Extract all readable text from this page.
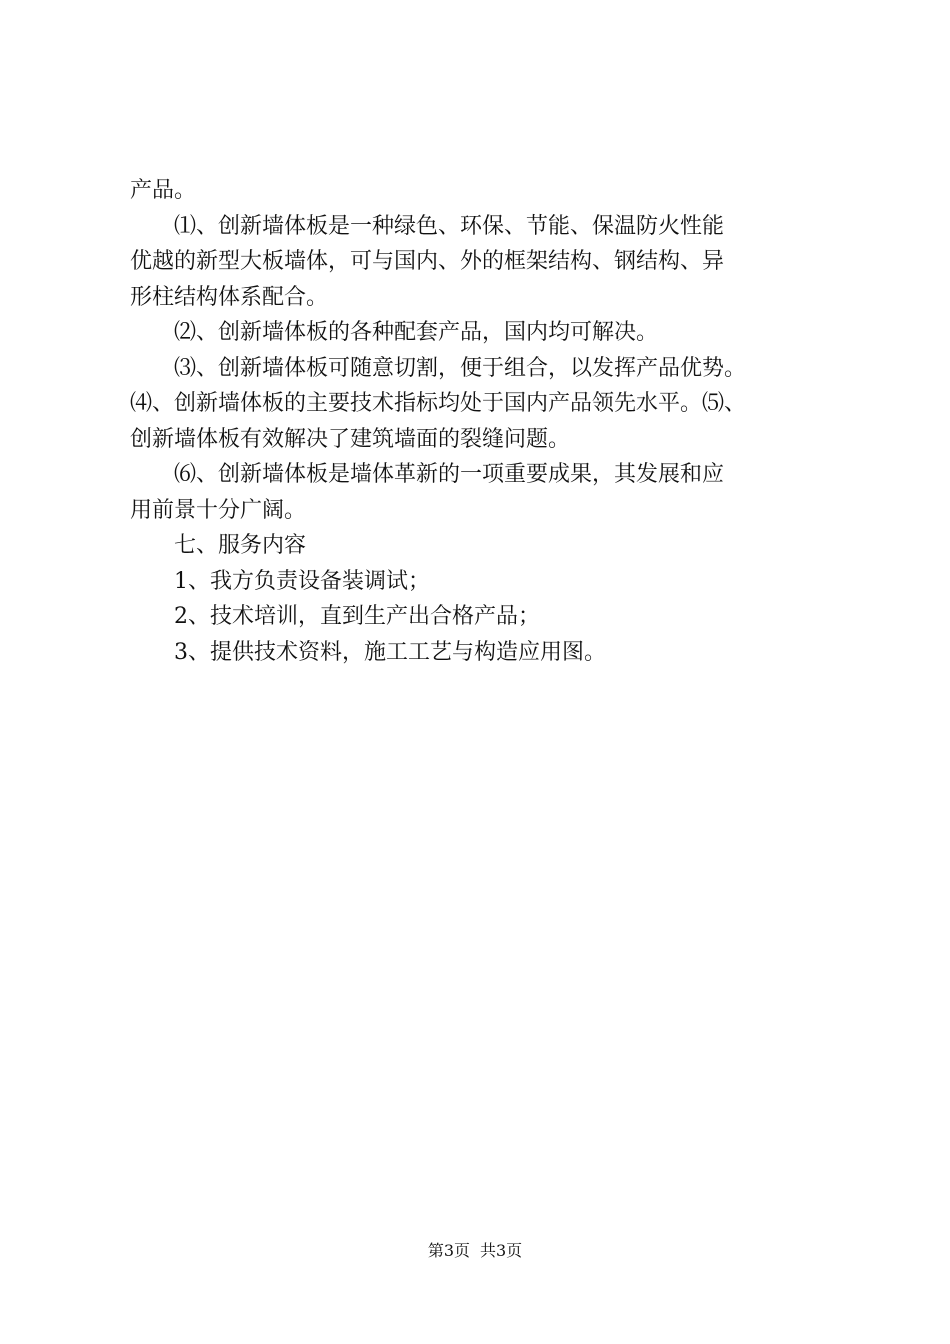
产品。
⑴、创新墙体板是一种绿色、环保、节能、保温防火性能
优越的新型大板墙体，可与国内、外的框架结构、钢结构、异
形柱结构体系配合。
⑵、创新墙体板的各种配套产品，国内均可解决。
⑶、创新墙体板可随意切割，便于组合，以发挥产品优势。
⑷、创新墙体板的主要技术指标均处于国内产品领先水平。⑸、
创新墙体板有效解决了建筑墙面的裂缝问题。
⑹、创新墙体板是墙体革新的一项重要成果，其发展和应
用前景十分广阔。
七、服务内容
1、我方负责设备装调试；
2、技术培训，直到生产出合格产品；
3、提供技术资料，施工工艺与构造应用图。
第3页 共3页
